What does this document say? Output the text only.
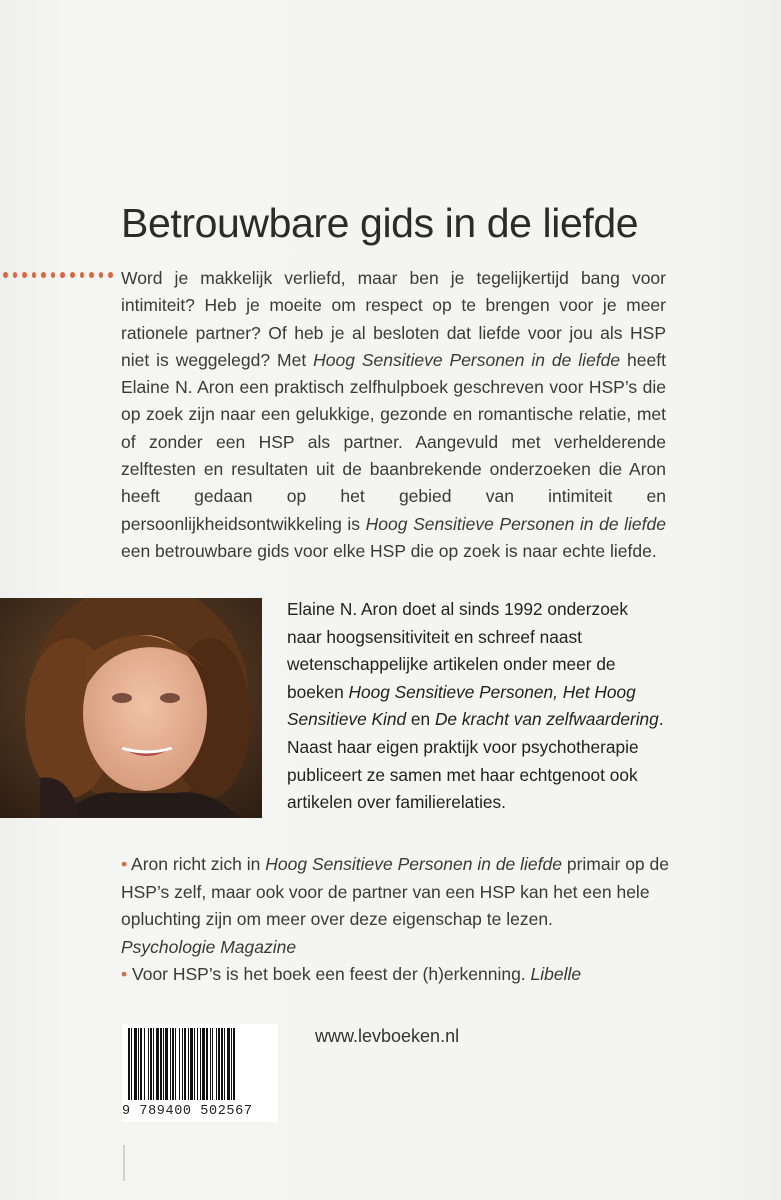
Betrouwbare gids in de liefde

Word je makkelijk verliefd, maar ben je tegelijkertijd bang voor intimiteit? Heb je moeite om respect op te brengen voor je meer rationele partner? Of heb je al besloten dat liefde voor jou als HSP niet is weggelegd? Met Hoog Sensitieve Personen in de liefde heeft Elaine N. Aron een praktisch zelfhulpboek geschreven voor HSP’s die op zoek zijn naar een gelukkige, gezonde en romantische relatie, met of zonder een HSP als partner. Aangevuld met verhelderende zelftesten en resultaten uit de baanbrekende onderzoeken die Aron heeft gedaan op het gebied van intimiteit en persoonlijkheidsontwikkeling is Hoog Sensitieve Personen in de liefde een betrouwbare gids voor elke HSP die op zoek is naar echte liefde.

Elaine N. Aron doet al sinds 1992 onderzoek naar hoogsensitiviteit en schreef naast wetenschappelijke artikelen onder meer de boeken Hoog Sensitieve Personen, Het Hoog Sensitieve Kind en De kracht van zelfwaardering. Naast haar eigen praktijk voor psychotherapie publiceert ze samen met haar echtgenoot ook artikelen over familierelaties.

• Aron richt zich in Hoog Sensitieve Personen in de liefde primair op de HSP’s zelf, maar ook voor de partner van een HSP kan het een hele opluchting zijn om meer over deze eigenschap te lezen.
Psychologie Magazine

• Voor HSP’s is het boek een feest der (h)erkenning. Libelle

www.levboeken.nl
9 789400 502567
